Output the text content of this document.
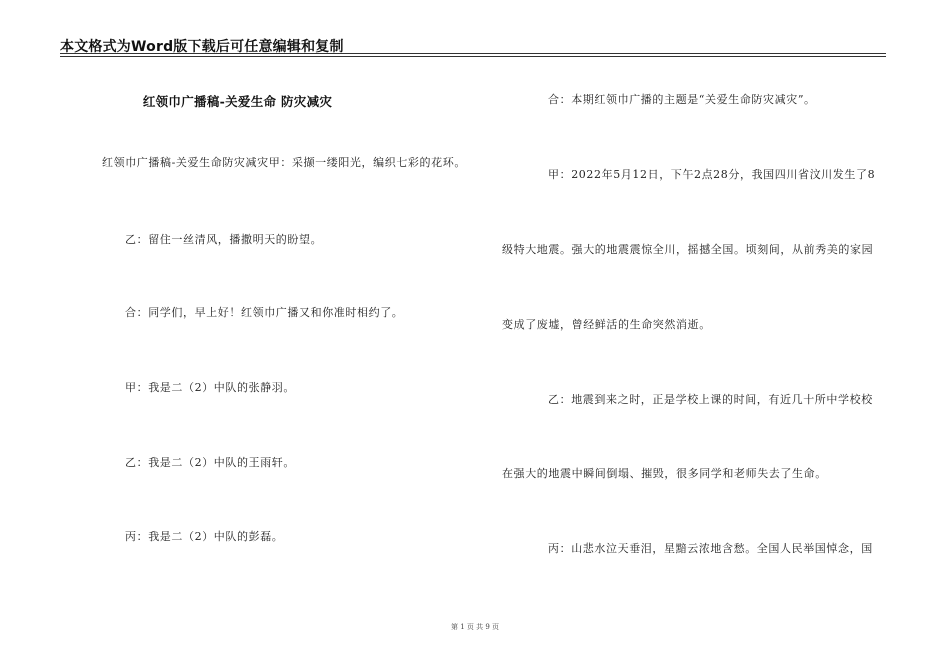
本文格式为Word版下载后可任意编辑和复制
红领巾广播稿-关爱生命 防灾减灾
红领巾广播稿-关爱生命防灾减灾甲：采撷一缕阳光，编织七彩的花环。
乙：留住一丝清风，播撒明天的盼望。
合：同学们，早上好！红领巾广播又和你准时相约了。
甲：我是二（2）中队的张静羽。
乙：我是二（2）中队的王雨轩。
丙：我是二（2）中队的彭磊。
合：本期红领巾广播的主题是“关爱生命防灾减灾”。
甲：2022年5月12日，下午2点28分，我国四川省汶川发生了8
级特大地震。强大的地震震惊全川，摇撼全国。顷刻间，从前秀美的家园
变成了废墟，曾经鲜活的生命突然消逝。
乙：地震到来之时，正是学校上课的时间，有近几十所中学校校
在强大的地震中瞬间倒塌、摧毁，很多同学和老师失去了生命。
丙：山悲水泣天垂泪，星黯云浓地含愁。全国人民举国悼念，国
第 1 页 共 9 页
